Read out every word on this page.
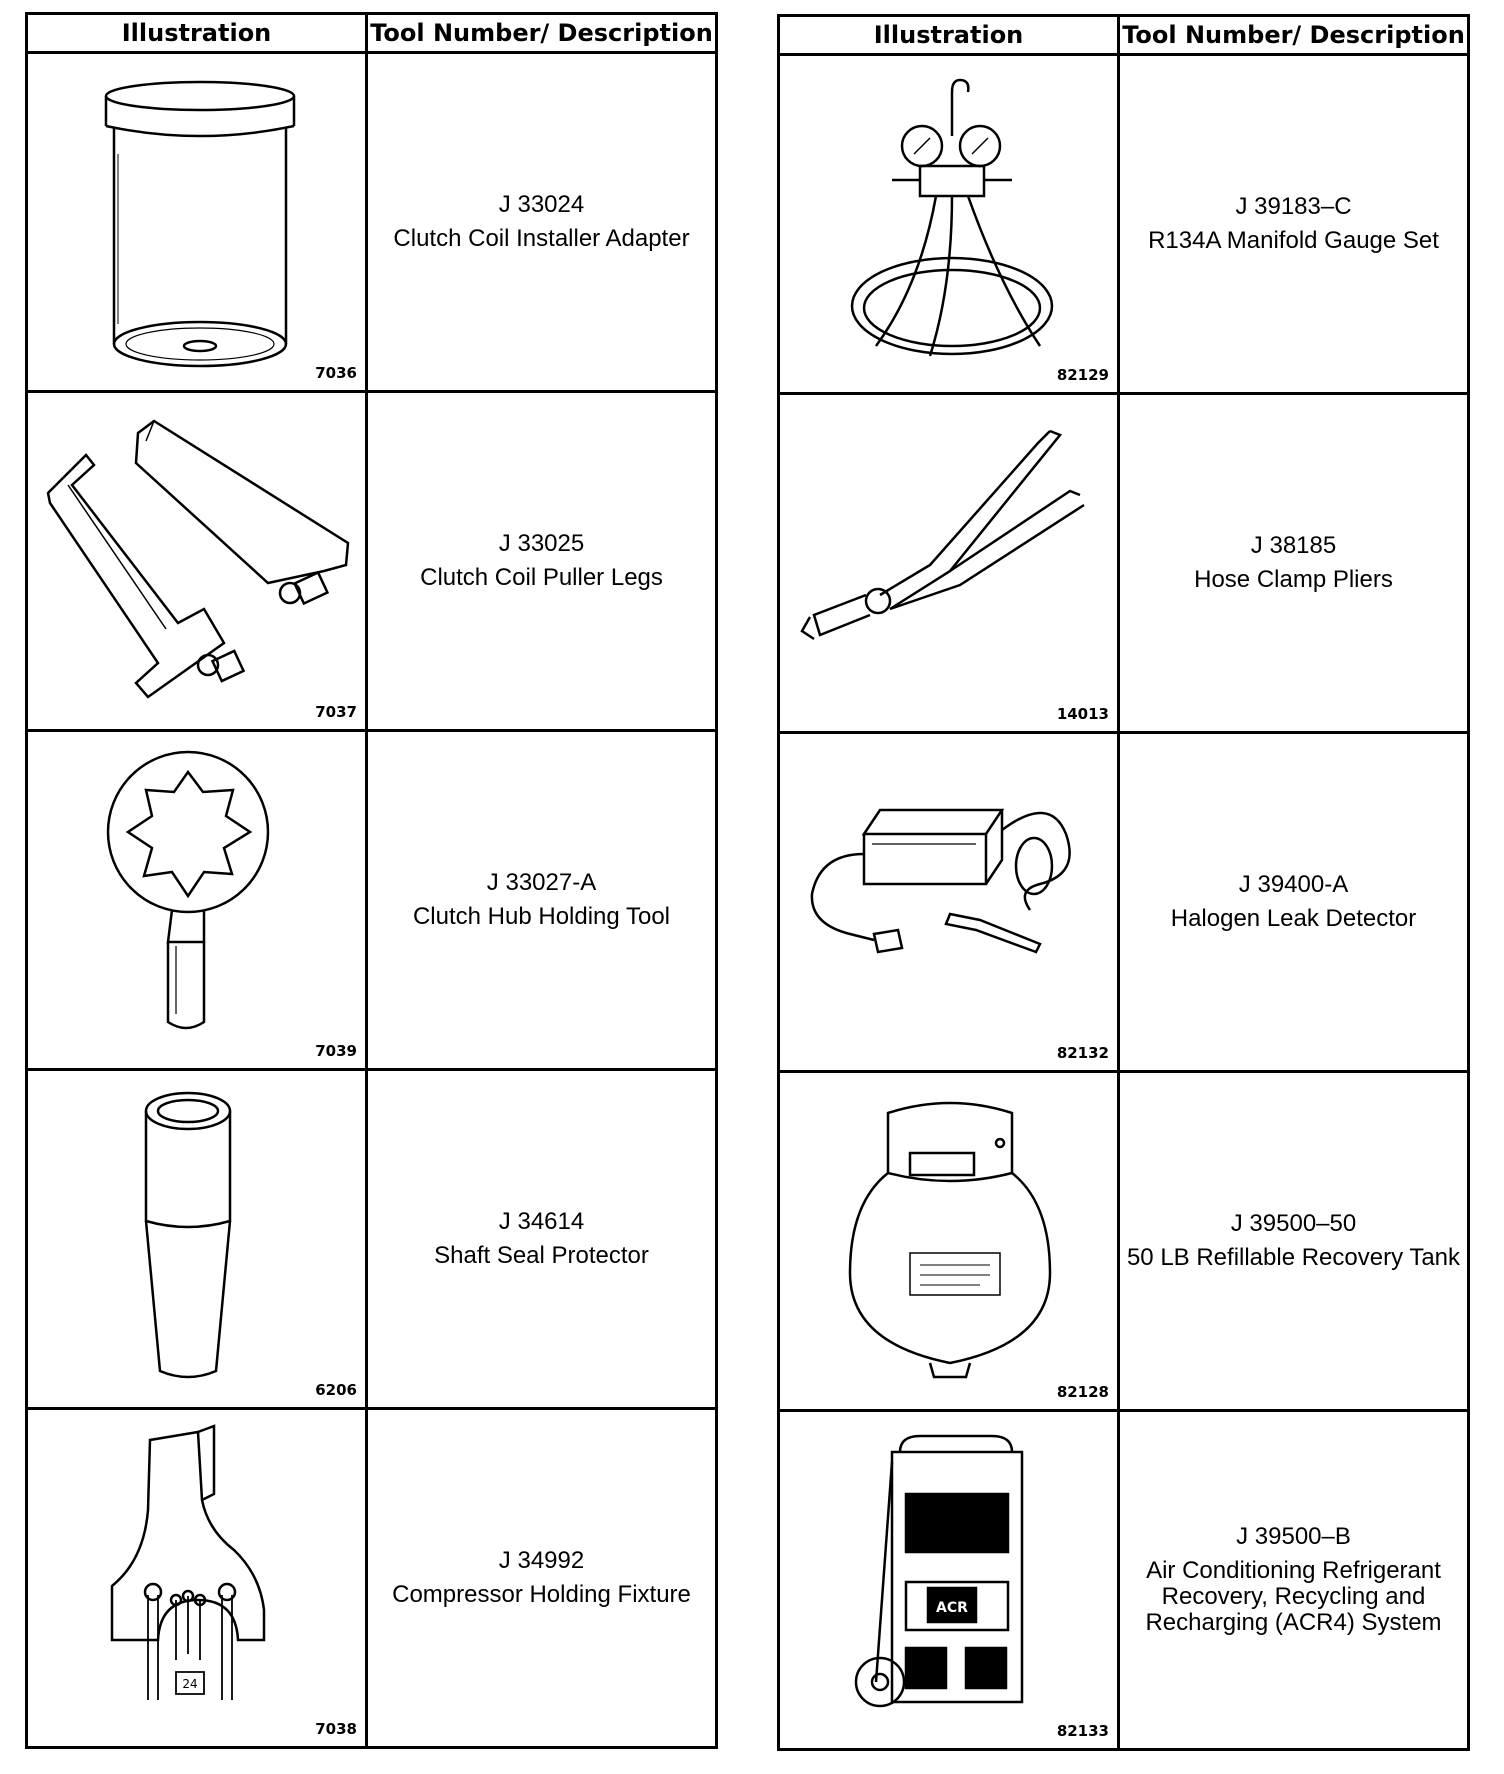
Illustration	Tool Number/ Description

7036	J 33024
Clutch Coil Installer Adapter

7037	J 33025
Clutch Coil Puller Legs

7039	J 33027-A
Clutch Hub Holding Tool

6206	J 34614
Shaft Seal Protector

24
7038	J 34992
Compressor Holding Fixture
Illustration	Tool Number/ Description

82129	J 39183–C
R134A Manifold Gauge Set

14013	J 38185
Hose Clamp Pliers

82132	J 39400-A
Halogen Leak Detector

82128	J 39500–50
50 LB Refillable Recovery Tank

ACR
82133	J 39500–B
Air Conditioning Refrigerant Recovery, Recycling and Recharging (ACR4) System
